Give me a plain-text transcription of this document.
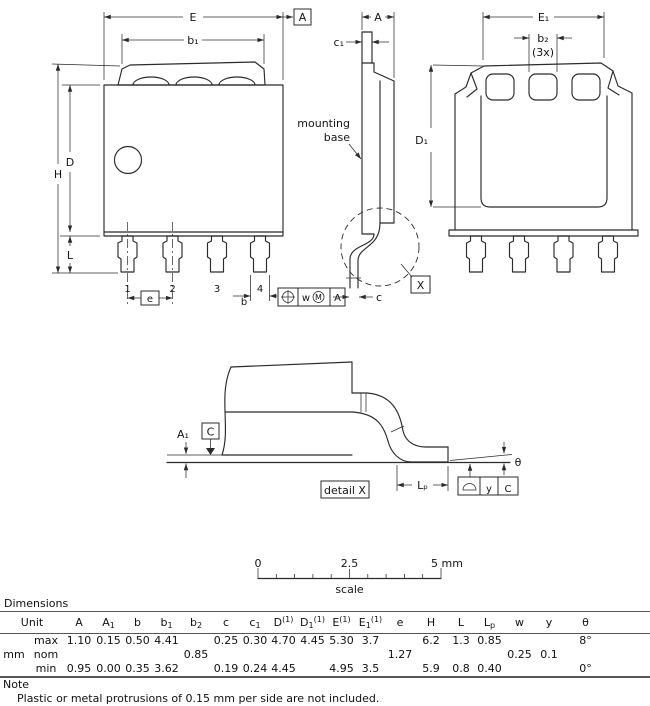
E	A
b₁
H
D
L
1	2	3	4
e	b	w M A
A
c₁
mounting
base
X
c
D₁
E₁
b₂
(3x)
A₁ C
detail X	Lₚ
θ
y C
0	2.5	5 mm
scale
Dimensions
Unit		A	$A_1$	b	$b_1$	$b_2$	c	$c_1$	$D^{(1)}$	$D_1^{(1)}$	$E^{(1)}$	$E_1^{(1)}$	e	H	L	$L_p$	w	y	θ	
	max	1.10	0.15	0.50	4.41		0.25	0.30	4.70	4.45	5.30	3.7		6.2	1.3	0.85			8°	
mm	nom					0.85							1.27				0.25	0.1		
	min	0.95	0.00	0.35	3.62		0.19	0.24	4.45		4.95	3.5		5.9	0.8	0.40			0°	
Note
Plastic or metal protrusions of 0.15 mm per side are not included.
